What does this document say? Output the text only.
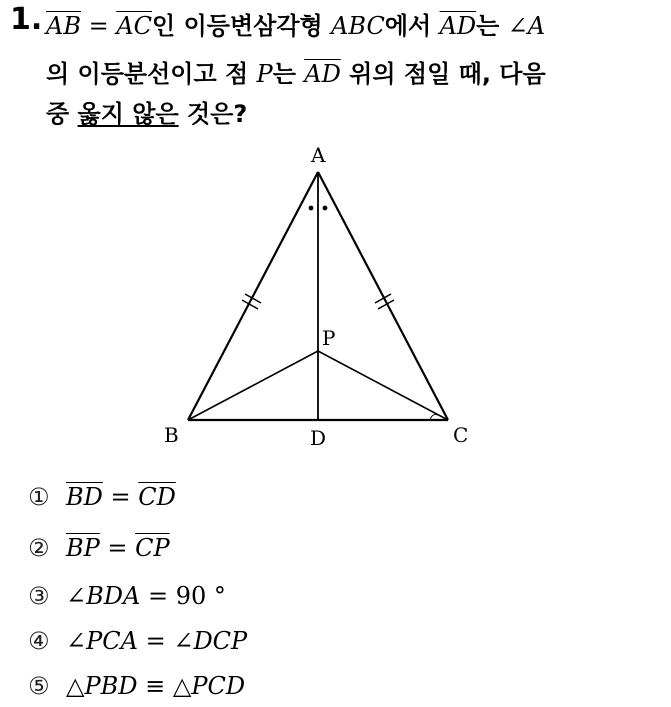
1. $\overline{AB} = \overline{AC}$인 이등변삼각형 ABC에서 $\overline{AD}$는 ∠A
의 이등분선이고 점 P는 $\overline{AD}$ 위의 점일 때, 다음
중 옳지 않은 것은?
A
B	C
D
P
① $\overline{BD} = \overline{CD}$
② $\overline{BP} = \overline{CP}$
③ ∠BDA = 90 °
④ ∠PCA = ∠DCP
⑤ △PBD ≡ △PCD
